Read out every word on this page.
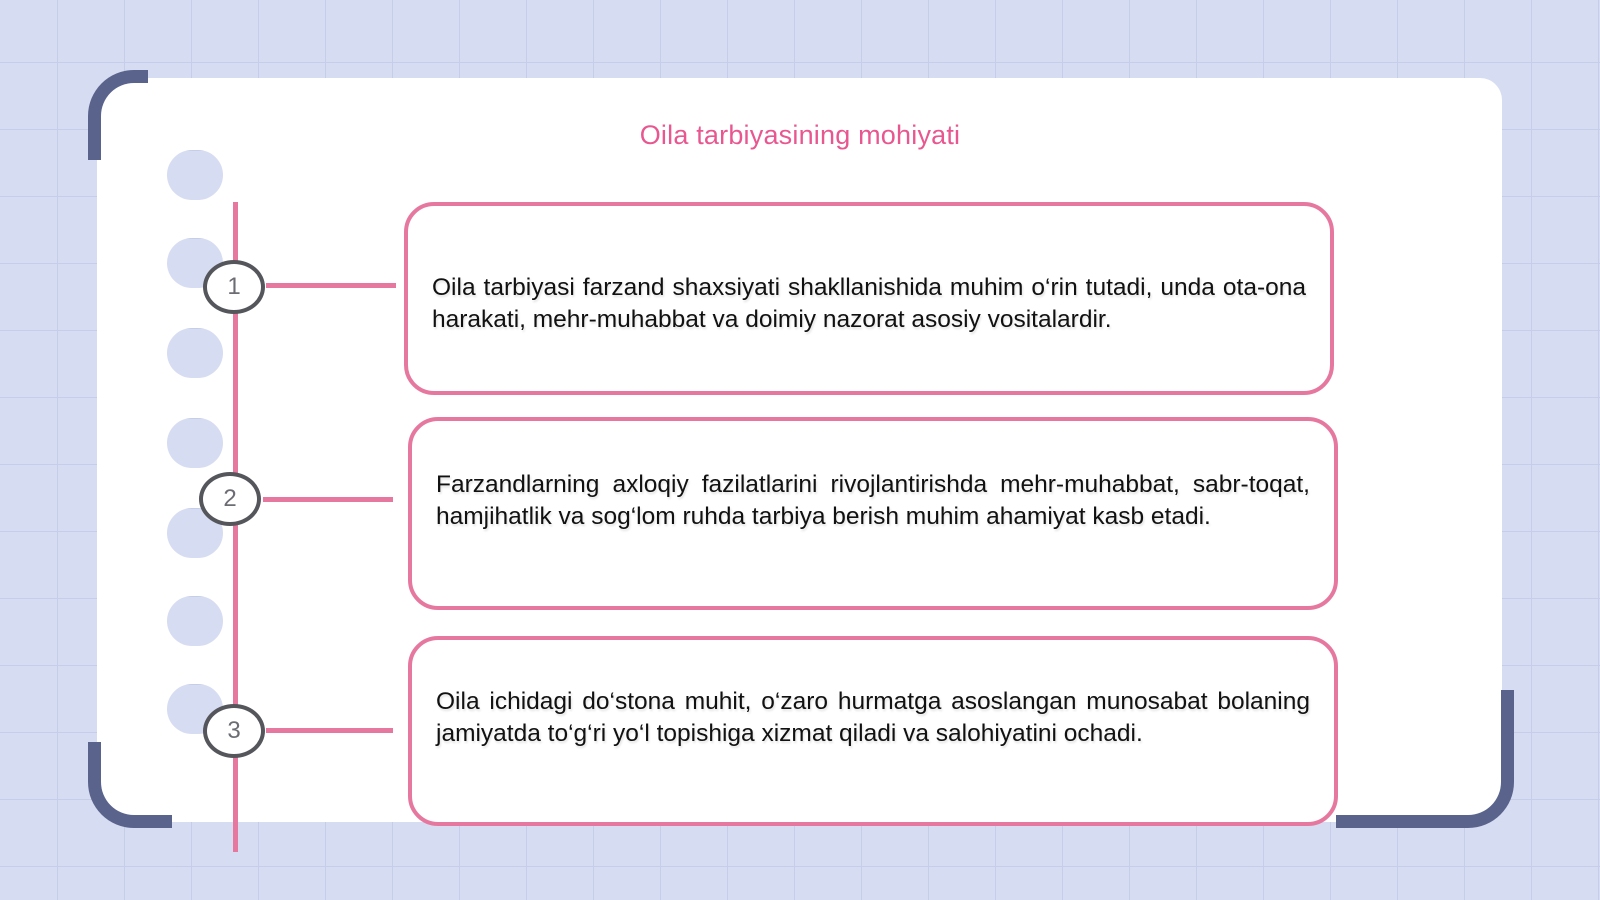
Oila tarbiyasining mohiyati
1	Oila tarbiyasi farzand shaxsiyati shakllanishida muhim o‘rin tutadi, unda ota-ona harakati, mehr-muhabbat va doimiy nazorat asosiy vositalardir.

2

Farzandlarning axloqiy fazilatlarini rivojlantirishda mehr-muhabbat, sabr-toqat, hamjihatlik va sog‘lom ruhda tarbiya berish muhim ahamiyat kasb etadi.

3

Oila ichidagi do‘stona muhit, o‘zaro hurmatga asoslangan munosabat bolaning jamiyatda to‘g‘ri yo‘l topishiga xizmat qiladi va salohiyatini ochadi.
